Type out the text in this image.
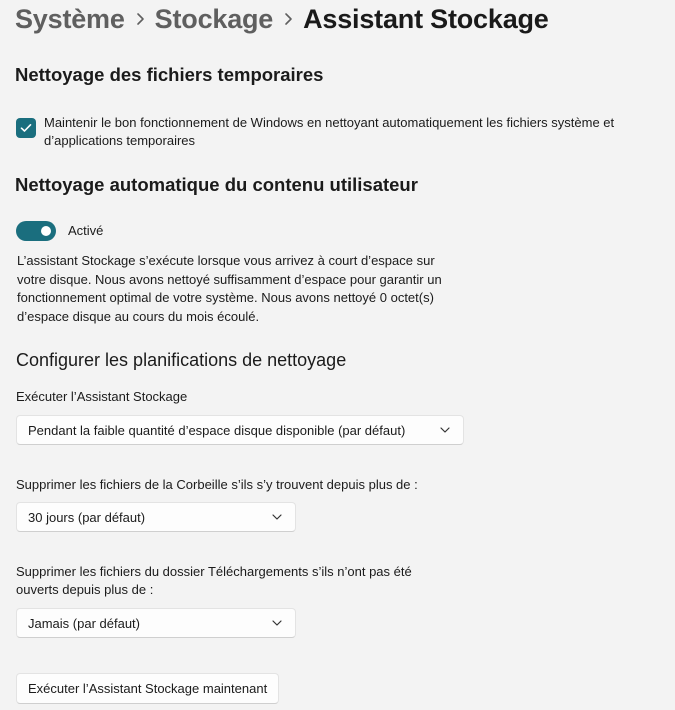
Système Stockage Assistant Stockage
Nettoyage des fichiers temporaires
Maintenir le bon fonctionnement de Windows en nettoyant automatiquement les fichiers système et d’applications temporaires
Nettoyage automatique du contenu utilisateur
Activé

L’assistant Stockage s’exécute lorsque vous arrivez à court d’espace sur votre disque. Nous avons nettoyé suffisamment d’espace pour garantir un fonctionnement optimal de votre système. Nous avons nettoyé 0 octet(s) d’espace disque au cours du mois écoulé.

Configurer les planifications de nettoyage
Exécuter l’Assistant Stockage
Pendant la faible quantité d’espace disque disponible (par défaut)
Supprimer les fichiers de la Corbeille s’ils s’y trouvent depuis plus de :
30 jours (par défaut)
Supprimer les fichiers du dossier Téléchargements s’ils n’ont pas été ouverts depuis plus de :
Jamais (par défaut)
Exécuter l’Assistant Stockage maintenant
